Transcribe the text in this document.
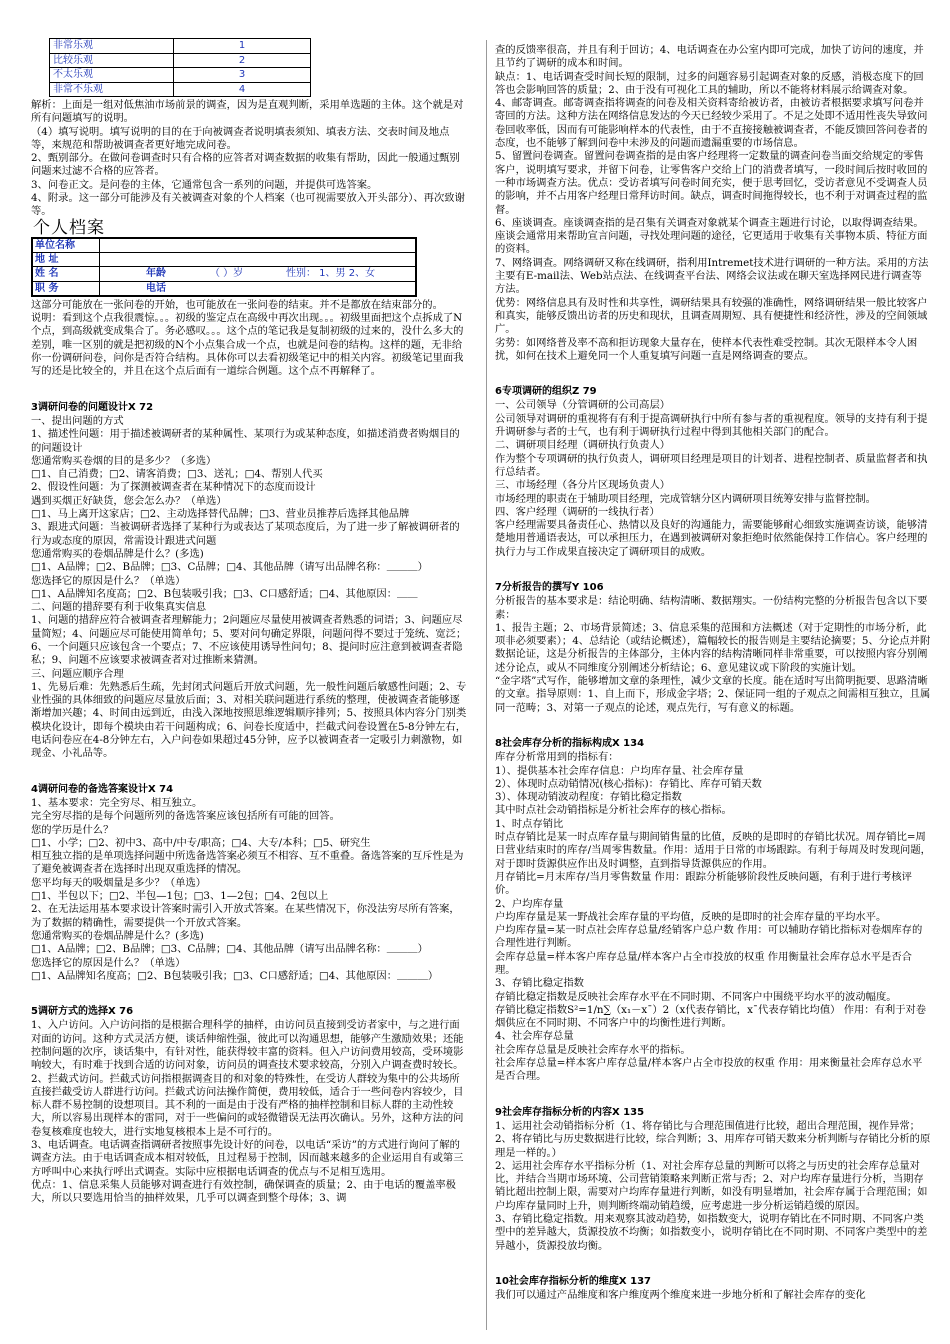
非常乐观	1
比较乐观	2
不太乐观	3
非常不乐观	4

解析：上面是一组对低焦油市场前景的调查，因为是直观判断，采用单选题的主体。这个就是对所有问题填写的说明。

（4）填写说明。填写说明的目的在于向被调查者说明填表须知、填表方法、交表时间及地点等，来规范和帮助被调查者更好地完成问卷。

2、甄别部分。在做问卷调查时只有合格的应答者对调查数据的收集有帮助，因此一般通过甄别问题来过滤不合格的应答者。

3、问卷正文。是问卷的主体，它通常包含一系列的问题，并提供可选答案。

4、附录。这一部分可能涉及有关被调查对象的个人档案（也可视需要放入开头部分）、再次致谢等。

个人档案
单位名称				
地 址				
姓 名		年龄	（ ）岁	性别： 1、男 2、女
职 务		电话		

这部分可能放在一张问卷的开始，也可能放在一张问卷的结束。并不是都放在结束部分的。

说明：看到这个点我很震惊。。。初级的鉴定点在高级中再次出现。。。初级里面把这个点拆成了N个点，到高级就变成集合了。务必感叹。。。这个点的笔记我是复制初级的过来的，没什么多大的差别，唯一区别的就是把初级的N个小点集合成一个点，也就是问卷的结构。这样的题，无非给你一份调研问卷，问你是否符合结构。具体你可以去看初级笔记中的相关内容。初级笔记里面我写的还是比较全的，并且在这个点后面有一道综合例题。这个点不再解释了。

3调研问卷的问题设计X 72

一、提出问题的方式

1、描述性问题：用于描述被调研者的某种属性、某项行为或某种态度，如描述消费者购烟目的的问题设计

您通常购买卷烟的目的是多少？（多选）

□1、自己消费；□2、请客消费；□3、送礼；□4、帮别人代买

2、假设性问题：为了探测被调查者在某种情况下的态度而设计

遇到买烟正好缺货，您会怎么办？（单选）

□1、马上离开这家店；□2、主动选择替代品牌；□3、营业员推荐后选择其他品牌

3、跟进式问题：当被调研者选择了某种行为或表达了某项态度后，为了进一步了解被调研者的行为或态度的原因，常需设计跟进式问题

您通常购买的卷烟品牌是什么？(多选)

□1、A品牌；□2、B品牌；□3、C品牌；□4、其他品牌（请写出品牌名称：＿＿＿）

您选择它的原因是什么？（单选）

□1、A品牌知名度高；□2、B包装吸引我；□3、C口感舒适；□4、其他原因：＿＿

二、问题的措辞要有利于收集真实信息

1、问题的措辞应符合被调查者理解能力；2问题应尽量使用被调查者熟悉的词语；3、问题应尽量简短；4、问题应尽可能使用简单句；5、要对问句确定界限，问题问得不要过于笼统、宽泛；6、一个问题只应该包含一个要点；7、不应该使用诱导性问句；8、提问时应注意到被调查者隐私；9、问题不应该要求被调查者对过推断来猜测。

三、问题应顺序合理

1、先易后难：先熟悉后生疏，先封闭式问题后开放式问题，先一般性问题后敏感性问题；2、专业性强的具体细致的问题应尽量放后面；3、对相关联问题进行系统的整理，使被调查者能够逐渐增加兴趣；4、时间由远到近，由浅入深地按照思维逻辑顺序排列；5、按照具体内容分门别类模块化设计，即每个模块由若干问题构成；6、问卷长度适中，拦截式问卷设置在5-8分钟左右，电话问卷应在4-8分钟左右，入户问卷如果超过45分钟，应予以被调查者一定吸引力刺激物，如现金、小礼品等。

4调研问卷的备选答案设计X 74

1、基本要求：完全穷尽、相互独立。

完全穷尽指的是每个问题所列的备选答案应该包括所有可能的回答。

您的学历是什么？

□1、小学；□2、初中3、高中/中专/职高；□4、大专/本科；□5、研究生

相互独立指的是单项选择问题中所选备选答案必须互不相容、互不重叠。备选答案的互斥性是为了避免被调查者在选择时出现双重选择的情况。

您平均每天的吸烟量是多少？（单选）

□1、半包以下；□2、半包—1包；□3、1—2包；□4、2包以上

2、在无法运用基本要求设计答案时需引入开放式答案。在某些情况下，你没法穷尽所有答案，为了数据的精确性，需要提供一个开放式答案。

您通常购买的卷烟品牌是什么？(多选)

□1、A品牌；□2、B品牌；□3、C品牌；□4、其他品牌（请写出品牌名称：＿＿＿）

您选择它的原因是什么？（单选）

□1、A品牌知名度高；□2、B包装吸引我；□3、C口感舒适；□4、其他原因：＿＿＿）

5调研方式的选择X 76

1、入户访问。入户访问指的是根据合理科学的抽样，由访问员直接到受访者家中，与之进行面对面的访问。这种方式灵活方便，谈话伸缩性强，彼此可以沟通思想，能够产生激励效果；还能控制问题的次序，谈话集中，有针对性，能获得较丰富的资料。但入户访问费用较高，受环境影响较大，有时难于找到合适的访问对象，访问员的调查技术要求较高，分别入户调查费时较长。

2、拦截式访问。拦截式访问指根据调查目的和对象的特殊性，在受访人群较为集中的公共场所直接拦截受访人群进行访问。拦截式访问法操作简便，费用较低，适合于一些问卷内容较少，目标人群不易控制的设想项目。其不利的一面是由于没有严格的抽样控制和目标人群的主动性较大，所以容易出现样本的雷同，对于一些偏问的或轻微错误无法再次确认。另外，这种方法的问卷复核难度也较大，进行实地复核根本上是不可行的。

3、电话调查。电话调查指调研者按照事先设计好的问卷，以电话“采访”的方式进行询问了解的调查方法。由于电话调查成本相对较低，且过程易于控制，因而越来越多的企业运用自有或第三方呼叫中心来执行呼出式调查。实际中应根据电话调查的优点与不足相互选用。

优点：1、信息采集人员能够对调查进行有效控制，确保调查的质量；2、由于电话的覆盖率极大，所以只要选用恰当的抽样效果，几乎可以调查到整个母体；3、调

查的反馈率很高，并且有利于回访；4、电话调查在办公室内即可完成，加快了访问的速度，并且节约了调研的成本和时间。

缺点：1、电话调查受时间长短的限制，过多的问题容易引起调查对象的反感，消极态度下的回答也会影响回答的质量；2、由于没有可视化工具的辅助，所以不能将材料展示给调查对象。

4、邮寄调查。邮寄调查指将调查的问卷及相关资料寄给被访者，由被访者根据要求填写问卷并寄回的方法。这种方法在网络信息发达的今天已经较少采用了。不足之处即不适用性丧失导致问卷回收率低，因而有可能影响样本的代表性，由于不直接接触被调查者，不能反馈回答问卷者的态度，也不能够了解到问卷中未涉及的问题而遗漏重要的市场信息。

5、留置问卷调查。留置问卷调查指的是由客户经理将一定数量的调查问卷当面交给规定的零售客户，说明填写要求，并留下问卷，让零售客户交给上门的消费者填写，一段时间后按时收回的一种市场调查方法。优点：受访者填写问卷时间充实，便于思考回忆，受访者意见不受调查人员的影响，并不占用客户经理日常拜访时间。缺点，调查时间拖得较长，也不利于对调查过程的监督。

6、座谈调查。座谈调查指的是召集有关调查对象就某个调查主题进行讨论，以取得调查结果。座谈会通常用来帮助宣言问题，寻找处理问题的途径，它更适用于收集有关事物本质、特征方面的资料。

7、网络调查。网络调研又称在线调研，指利用Intremet技术进行调研的一种方法。采用的方法主要有E-mail法、Web站点法、在线调查平台法、网络会议法或在聊天室选择网民进行调查等方法。

优势：网络信息具有及时性和共享性，调研结果具有较强的准确性，网络调研结果一般比较客户和真实，能够反馈出访者的历史和现状，且调查周期短、具有便捷性和经济性，涉及的空间领域广。

劣势：如网络普及率不高和拒访现象大量存在，使样本代表性难受控制。其次无限样本令人困扰，如何在技术上避免同一个人重复填写问题一直是网络调查的要点。

6专项调研的组织Z 79

一、公司领导（分管调研的公司高层）

公司领导对调研的重视将有有利于提高调研执行中所有参与者的重视程度。领导的支持有利于提升调研参与者的士气，也有利于调研执行过程中得到其他相关部门的配合。

二、调研项目经理（调研执行负责人）

作为整个专项调研的执行负责人，调研项目经理是项目的计划者、进程控制者、质量监督者和执行总结者。

三、市场经理（各分片区现场负责人）

市场经理的职责在于辅助项目经理，完成管辖分区内调研项目统筹安排与监督控制。

四、客户经理（调研的一线执行者）

客户经理需要具备责任心、热情以及良好的沟通能力，需要能够耐心细致实施调查访谈，能够清楚地用普通语表达，可以承担压力，在遇到被调研对象拒绝时依然能保持工作信心。客户经理的执行力与工作成果直接决定了调研项目的成败。

7分析报告的撰写Y 106

分析报告的基本要求是：结论明确、结构清晰、数据翔实。一份结构完整的分析报告包含以下要素：

1、报告主题；2、市场背景简述；3、信息采集的范围和方法概述（对于定期性的市场分析，此项非必须要素）；4、总结论（或结论概述），篇幅较长的报告则是主要结论摘要；5、分论点并附数据论证，这是分析报告的主体部分，主体内容的结构清晰同样非常重要，可以按照内容分别阐述分论点，或从不同维度分别阐述分析结论；6、意见建议或下阶段的实施计划。

“金字塔”式写作，能够增加文章的条理性，减少文章的长度。能在适时写出简明扼要、思路清晰的文章。指导原则：1、自上而下，形成金字塔；2、保证同一组的子观点之间需相互独立，且属同一范畴；3、对第一子观点的论述，观点先行，写有意义的标题。

8社会库存分析的指标构成X 134

库存分析常用到的指标有：

1）、提供基本社会库存信息：户均库存量、社会库存量

2）、体现时点动销情况(核心指标)：存销比、库存可销天数

3）、体现动销波动程度：存销比稳定指数

其中时点社会动销指标是分析社会库存的核心指标。

1、时点存销比

时点存销比是某一时点库存量与期间销售量的比值，反映的是即时的存销比状况。周存销比=周日营业结束时的库存/当周零售数量。作用：适用于日常的市场跟踪。有利于每周及时发现问题，对于即时货源供应作出及时调整，直到指导货源供应的作用。

月存销比=月末库存/当月零售数量 作用：跟踪分析能够阶段性反映问题，有利于进行考核评价。

2、户均库存量

户均库存量是某一野战社会库存量的平均值，反映的是即时的社会库存量的平均水平。

户均库存量=某一时点社会库存总量/经销客户总户数 作用：可以辅助存销比指标对卷烟库存的合理性进行判断。

会库存总量=样本客户库存总量/样本客户占全市投放的权重 作用衡量社会库存总水平是否合理。

3、存销比稳定指数

存销比稳定指数是反映社会库存水平在不同时期、不同客户中围绕平均水平的波动幅度。

存销比稳定指数S²=1/n∑（x₁－x¯）2（x代表存销比，x¯代表存销比均值） 作用：有利于对卷烟供应在不同时期、不同客户中的均衡性进行判断。

4、社会库存总量

社会库存总量是反映社会库存水平的指标。

社会库存总量=样本客户库存总量/样本客户占全市投放的权重 作用：用来衡量社会库存总水平是否合理。

9社会库存指标分析的内容X 135

1、运用社会动销指标分析（1、将存销比与合理范围值进行比较，超出合理范围，视作异常；2、将存销比与历史数据进行比较，综合判断；3、用库存可销天数来分析判断与存销比分析的原理是一样的。）

2、运用社会库存水平指标分析（1、对社会库存总量的判断可以将之与历史的社会库存总量对比，并结合当期市场环境、公司营销策略来判断正常与否；2、对户均库存量进行分析，当期存销比超出控制上限，需要对户均库存量进行判断，如没有明显增加，社会库存属于合理范围；如户均库存量同时上升，则判断终端动销趋缓，应考虑进一步分析运销趋缓的原因。

3、存销比稳定指数。用来观察其波动趋势，如指数变大，说明存销比在不同时期、不同客户类型中的差异越大，货源投放不均衡；如指数变小，说明存销比在不同时期、不同客户类型中的差异越小，货源投放均衡。

10社会库存指标分析的维度X 137

我们可以通过产品维度和客户维度两个维度来进一步地分析和了解社会库存的变化
